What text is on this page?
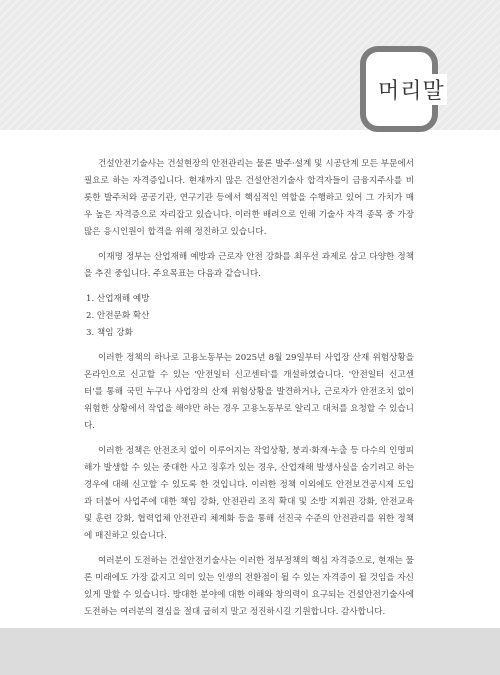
머리말

건설안전기술사는 건설현장의 안전관리는 물론 발주·설계 및 시공단계 모든 부문에서 필요로 하는 자격증입니다. 현재까지 많은 건설안전기술사 합격자들이 금융지주사를 비롯한 발주처와 공공기관, 연구기관 등에서 핵심적인 역할을 수행하고 있어 그 가치가 매우 높은 자격증으로 자리잡고 있습니다. 이러한 배려으로 인해 기술사 자격 종목 중 가장 많은 응시인원이 합격을 위해 정진하고 있습니다.

이재명 정부는 산업재해 예방과 근로자 안전 강화를 최우선 과제로 삼고 다양한 정책을 추진 중입니다. 주요목표는 다음과 같습니다.

1. 산업재해 예방
2. 안전문화 확산
3. 책임 강화

이러한 정책의 하나로 고용노동부는 2025년 8월 29일부터 사업장 산재 위험상황을 온라인으로 신고할 수 있는 '안전일터 신고센터'를 개설하였습니다. '안전일터 신고센터'를 통해 국민 누구나 사업장의 산재 위험상황을 발견하거나, 근로자가 안전조치 없이 위험한 상황에서 작업을 해야만 하는 경우 고용노동부로 알리고 대처를 요청할 수 있습니다.

이러한 정책은 안전조치 없이 이루어지는 작업상황, 붕괴·화재·누출 등 다수의 인명피해가 발생할 수 있는 중대한 사고 징후가 있는 경우, 산업재해 발생사실을 숨기려고 하는 경우에 대해 신고할 수 있도록 한 것입니다. 이러한 정책 이외에도 안전보건공시제 도입과 더불어 사업주에 대한 책임 강화, 안전관리 조직 확대 및 소방 지휘권 강화, 안전교육 및 훈련 강화, 협력업체 안전관리 체계화 등을 통해 선진국 수준의 안전관리를 위한 정책에 매진하고 있습니다.

여러분이 도전하는 건설안전기술사는 이러한 정부정책의 핵심 자격증으로, 현재는 물론 미래에도 가장 값지고 의미 있는 인생의 전환점이 될 수 있는 자격증이 될 것임을 자신 있게 말할 수 있습니다. 방대한 분야에 대한 이해와 창의력이 요구되는 건설안전기술사에 도전하는 여러분의 결심을 절대 굽히지 말고 정진하시길 기원합니다. 감사합니다.
